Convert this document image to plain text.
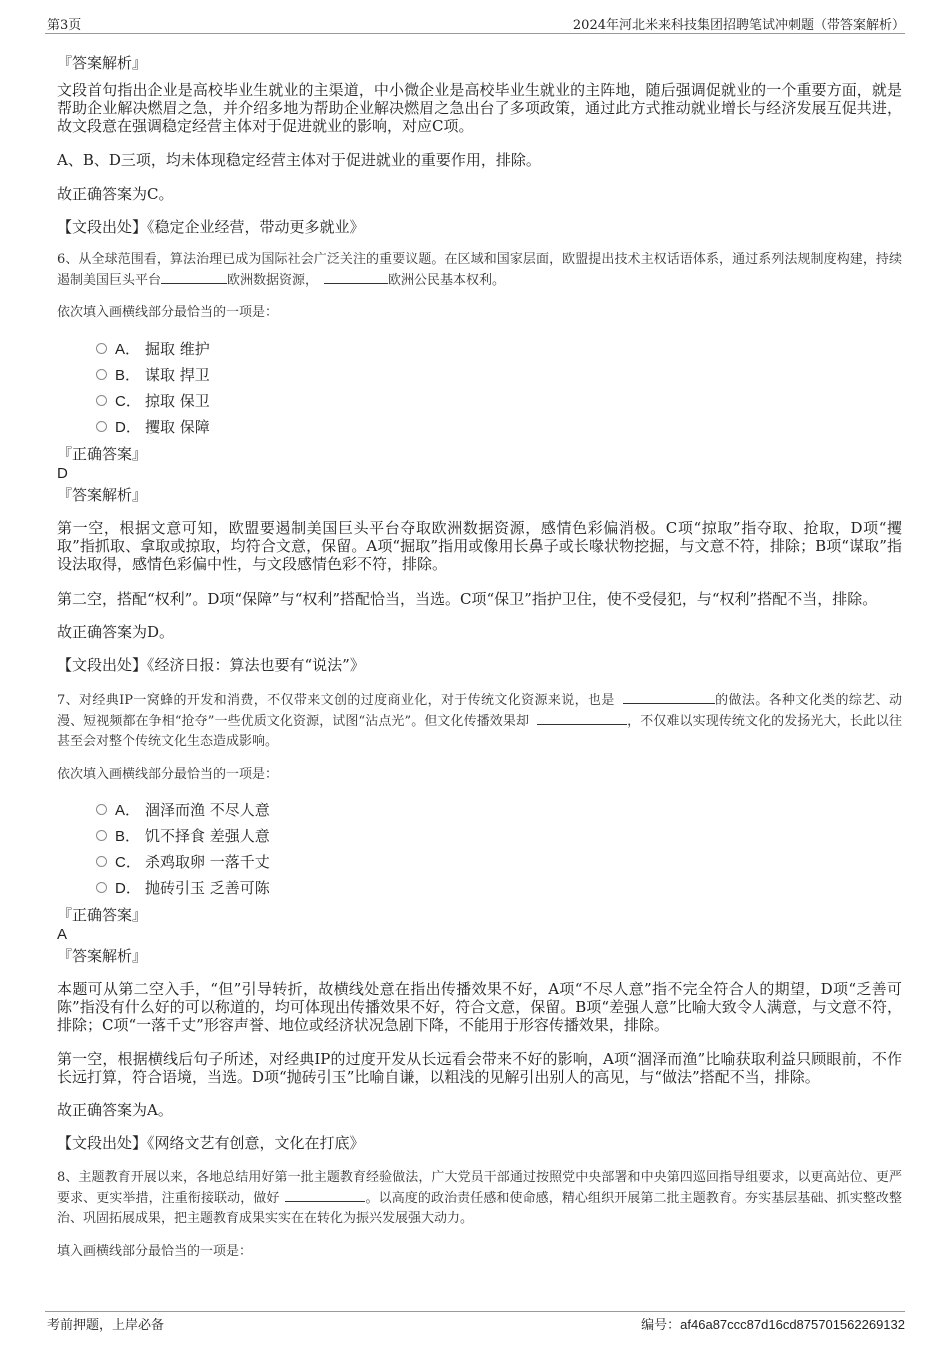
第3页	2024年河北米来科技集团招聘笔试冲刺题（带答案解析）
『答案解析』
文段首句指出企业是高校毕业生就业的主渠道，中小微企业是高校毕业生就业的主阵地，随后强调促就业的一个重要方面，就是帮助企业解决燃眉之急，并介绍多地为帮助企业解决燃眉之急出台了多项政策，通过此方式推动就业增长与经济发展互促共进，故文段意在强调稳定经营主体对于促进就业的影响，对应C项。
A、B、D三项，均未体现稳定经营主体对于促进就业的重要作用，排除。
故正确答案为C。
【文段出处】《稳定企业经营，带动更多就业》
6、从全球范围看，算法治理已成为国际社会广泛关注的重要议题。在区域和国家层面，欧盟提出技术主权话语体系，通过系列法规制度构建，持续遏制美国巨头平台	欧洲数据资源，	欧洲公民基本权利。
依次填入画横线部分最恰当的一项是：
A． 掘取 维护
B． 谋取 捍卫
C． 掠取 保卫
D． 攫取 保障
『正确答案』
D
『答案解析』
第一空，根据文意可知，欧盟要遏制美国巨头平台夺取欧洲数据资源，感情色彩偏消极。C项“掠取”指夺取、抢取，D项“攫取”指抓取、拿取或掠取，均符合文意，保留。A项“掘取”指用或像用长鼻子或长喙状物挖掘，与文意不符，排除；B项“谋取”指设法取得，感情色彩偏中性，与文段感情色彩不符，排除。
第二空，搭配“权利”。D项“保障”与“权利”搭配恰当，当选。C项“保卫”指护卫住，使不受侵犯，与“权利”搭配不当，排除。
故正确答案为D。
【文段出处】《经济日报：算法也要有“说法”》
7、对经典IP一窝蜂的开发和消费，不仅带来文创的过度商业化，对于传统文化资源来说，也是	的做法。各种文化类的综艺、动漫、短视频都在争相“抢夺”一些优质文化资源，试图“沾点光”。但文化传播效果却	，不仅难以实现传统文化的发扬光大，长此以往甚至会对整个传统文化生态造成影响。
依次填入画横线部分最恰当的一项是：
A． 涸泽而渔 不尽人意
B． 饥不择食 差强人意
C． 杀鸡取卵 一落千丈
D． 抛砖引玉 乏善可陈
『正确答案』
A
『答案解析』
本题可从第二空入手，“但”引导转折，故横线处意在指出传播效果不好，A项“不尽人意”指不完全符合人的期望，D项“乏善可陈”指没有什么好的可以称道的，均可体现出传播效果不好，符合文意，保留。B项“差强人意”比喻大致令人满意，与文意不符，排除；C项“一落千丈”形容声誉、地位或经济状况急剧下降，不能用于形容传播效果，排除。
第一空，根据横线后句子所述，对经典IP的过度开发从长远看会带来不好的影响，A项“涸泽而渔”比喻获取利益只顾眼前，不作长远打算，符合语境，当选。D项“抛砖引玉”比喻自谦，以粗浅的见解引出别人的高见，与“做法”搭配不当，排除。
故正确答案为A。
【文段出处】《网络文艺有创意，文化在打底》
8、主题教育开展以来，各地总结用好第一批主题教育经验做法，广大党员干部通过按照党中央部署和中央第四巡回指导组要求，以更高站位、更严要求、更实举措，注重衔接联动，做好	。以高度的政治责任感和使命感，精心组织开展第二批主题教育。夯实基层基础、抓实整改整治、巩固拓展成果，把主题教育成果实实在在转化为振兴发展强大动力。
填入画横线部分最恰当的一项是：
考前押题，上岸必备	编号：af46a87ccc87d16cd875701562269132
